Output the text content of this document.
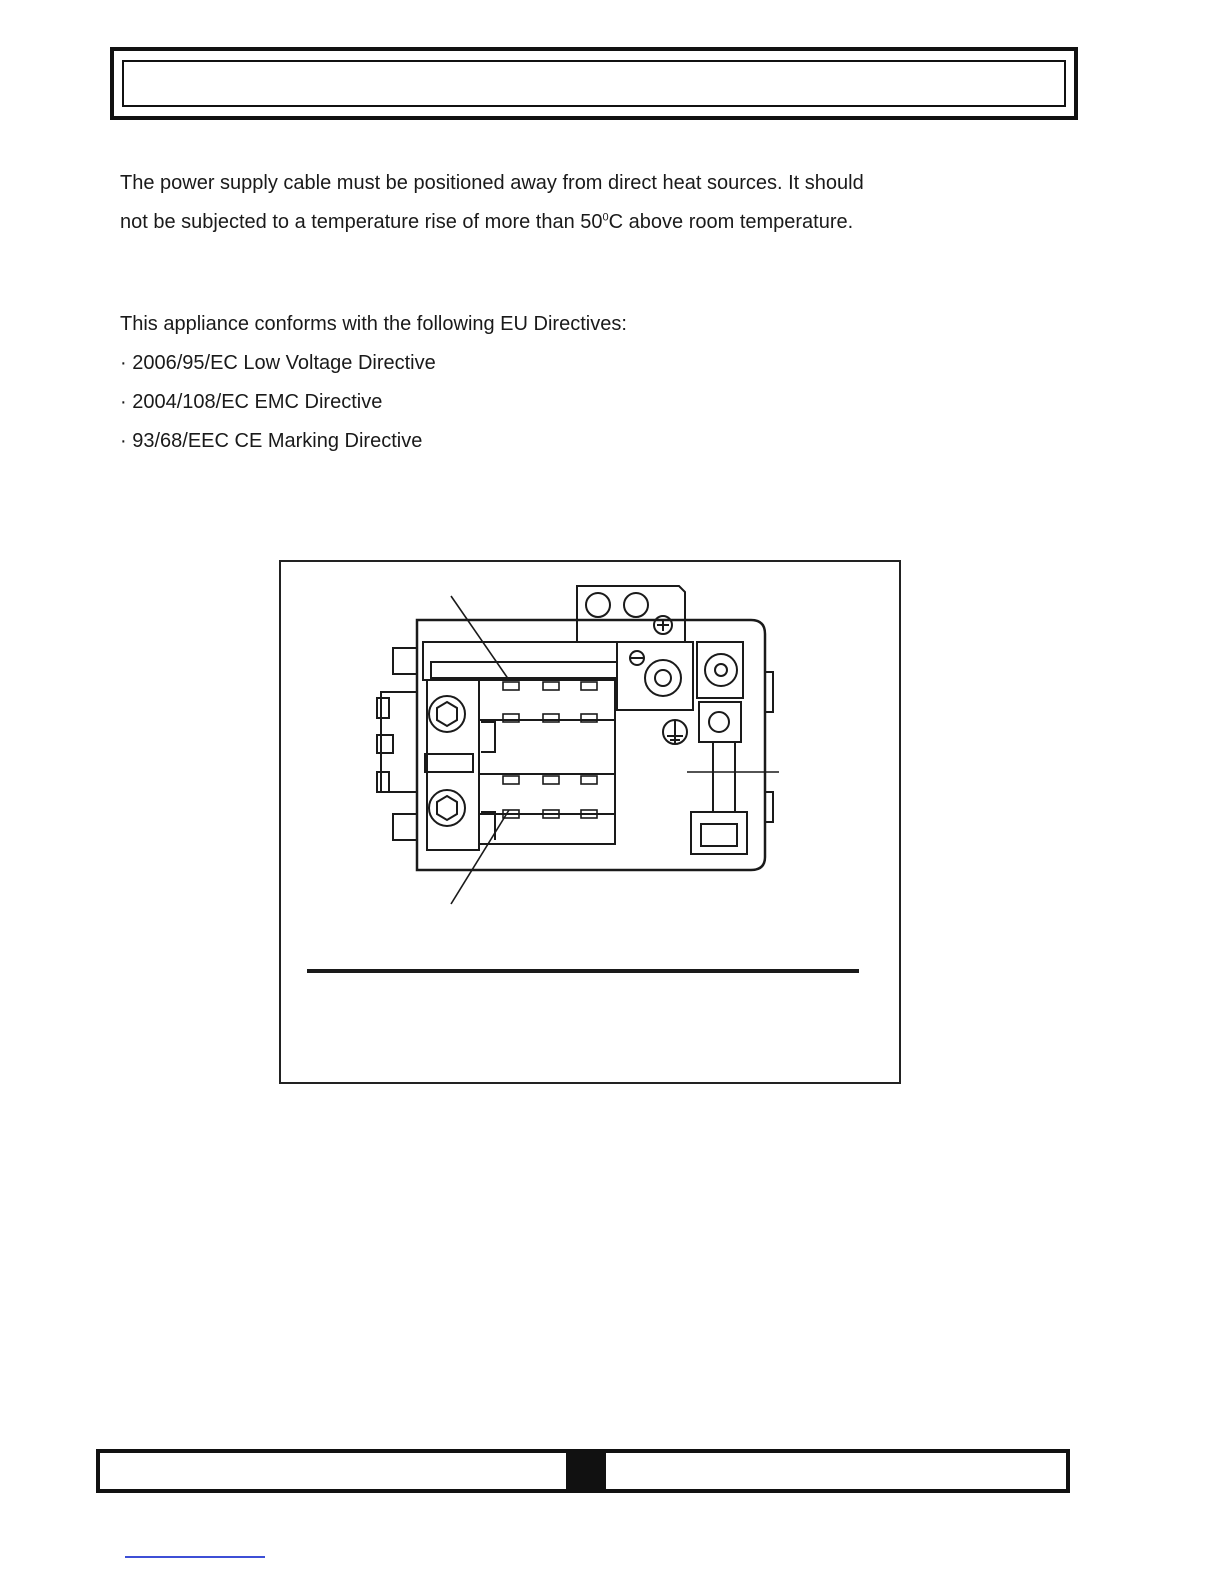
The power supply cable must be positioned away from direct heat sources. It should not be subjected to a temperature rise of more than $50^0C$ above room temperature.

This appliance conforms with the following EU Directives:
· 2006/95/EC Low Voltage Directive
· 2004/108/EC EMC Directive
· 93/68/EEC CE Marking Directive
